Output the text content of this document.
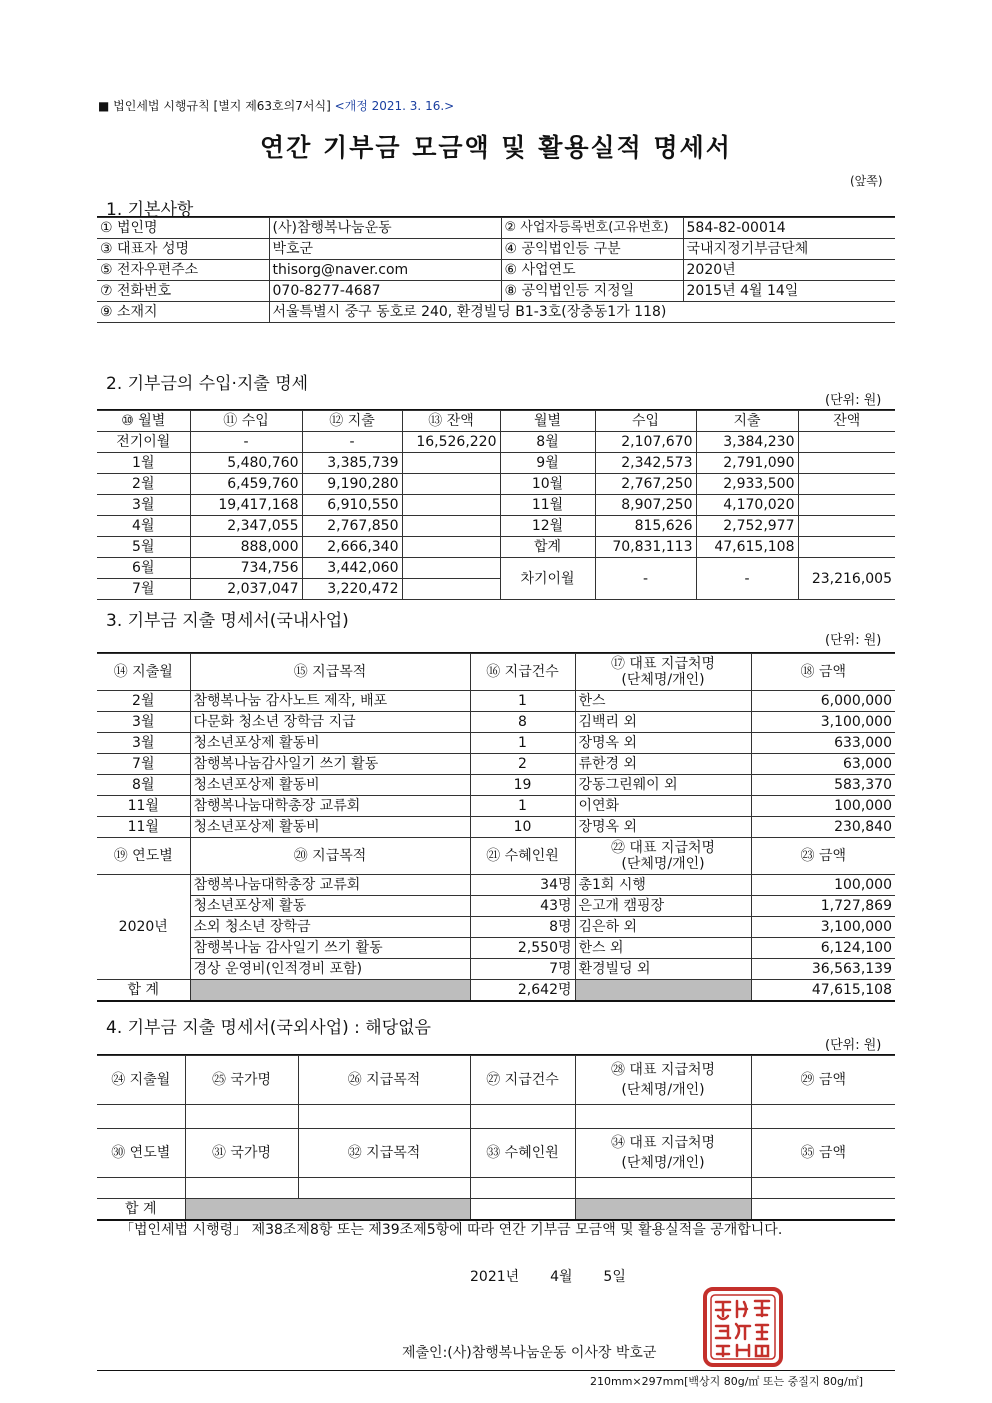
■ 법인세법 시행규칙 [별지 제63호의7서식] <개정 2021. 3. 16.>
연간 기부금 모금액 및 활용실적 명세서
(앞쪽)
1. 기본사항
① 법인명	(사)참행복나눔운동	② 사업자등록번호(고유번호)	584-82-00014
③ 대표자 성명	박호군	④ 공익법인등 구분	국내지정기부금단체
⑤ 전자우편주소	thisorg@naver.com	⑥ 사업연도	2020년
⑦ 전화번호	070-8277-4687	⑧ 공익법인등 지정일	2015년 4월 14일
⑨ 소재지	서울특별시 중구 동호로 240, 환경빌딩 B1-3호(장충동1가 118)		
2. 기부금의 수입·지출 명세
(단위: 원)
⑩ 월별	⑪ 수입	⑫ 지출	⑬ 잔액	월별	수입	지출	잔액
전기이월	-	-	16,526,220	8월	2,107,670	3,384,230	
1월	5,480,760	3,385,739		9월	2,342,573	2,791,090	
2월	6,459,760	9,190,280		10월	2,767,250	2,933,500	
3월	19,417,168	6,910,550		11월	8,907,250	4,170,020	
4월	2,347,055	2,767,850		12월	815,626	2,752,977	
5월	888,000	2,666,340		합계	70,831,113	47,615,108	
6월	734,756	3,442,060		차기이월	-	-	23,216,005
7월	2,037,047	3,220,472					
3. 기부금 지출 명세서(국내사업)
(단위: 원)
⑭ 지출월	⑮ 지급목적	⑯ 지급건수	⑰ 대표 지급처명
(단체명/개인)	⑱ 금액
2월	참행복나눔 감사노트 제작, 배포	1	한스	6,000,000
3월	다문화 청소년 장학금 지급	8	김백리 외	3,100,000
3월	청소년포상제 활동비	1	장명옥 외	633,000
7월	참행복나눔감사일기 쓰기 활동	2	류한경 외	63,000
8월	청소년포상제 활동비	19	강동그린웨이 외	583,370
11월	참행복나눔대학총장 교류회	1	이연화	100,000
11월	청소년포상제 활동비	10	장명옥 외	230,840
⑲ 연도별	⑳ 지급목적	㉑ 수혜인원	㉒ 대표 지급처명
(단체명/개인)	㉓ 금액
2020년	참행복나눔대학총장 교류회	34명	총1회 시행	100,000
	청소년포상제 활동	43명	은고개 캠핑장	1,727,869
	소외 청소년 장학금	8명	김은하 외	3,100,000
	참행복나눔 감사일기 쓰기 활동	2,550명	한스 외	6,124,100
	경상 운영비(인적경비 포함)	7명	환경빌딩 외	36,563,139
합 계		2,642명		47,615,108
4. 기부금 지출 명세서(국외사업) : 해당없음
(단위: 원)
㉔ 지출월	㉕ 국가명	㉖ 지급목적	㉗ 지급건수	㉘ 대표 지급처명
(단체명/개인)	㉙ 금액

㉚ 연도별	㉛ 국가명	㉜ 지급목적	㉝ 수혜인원	㉞ 대표 지급처명
(단체명/개인)	㉟ 금액

합 계					
「법인세법 시행령」 제38조제8항 또는 제39조제5항에 따라 연간 기부금 모금액 및 활용실적을 공개합니다.
2021년 4월 5일
제출인:(사)참행복나눔운동 이사장 박호군
210mm×297mm[백상지 80g/㎡ 또는 중질지 80g/㎡]
